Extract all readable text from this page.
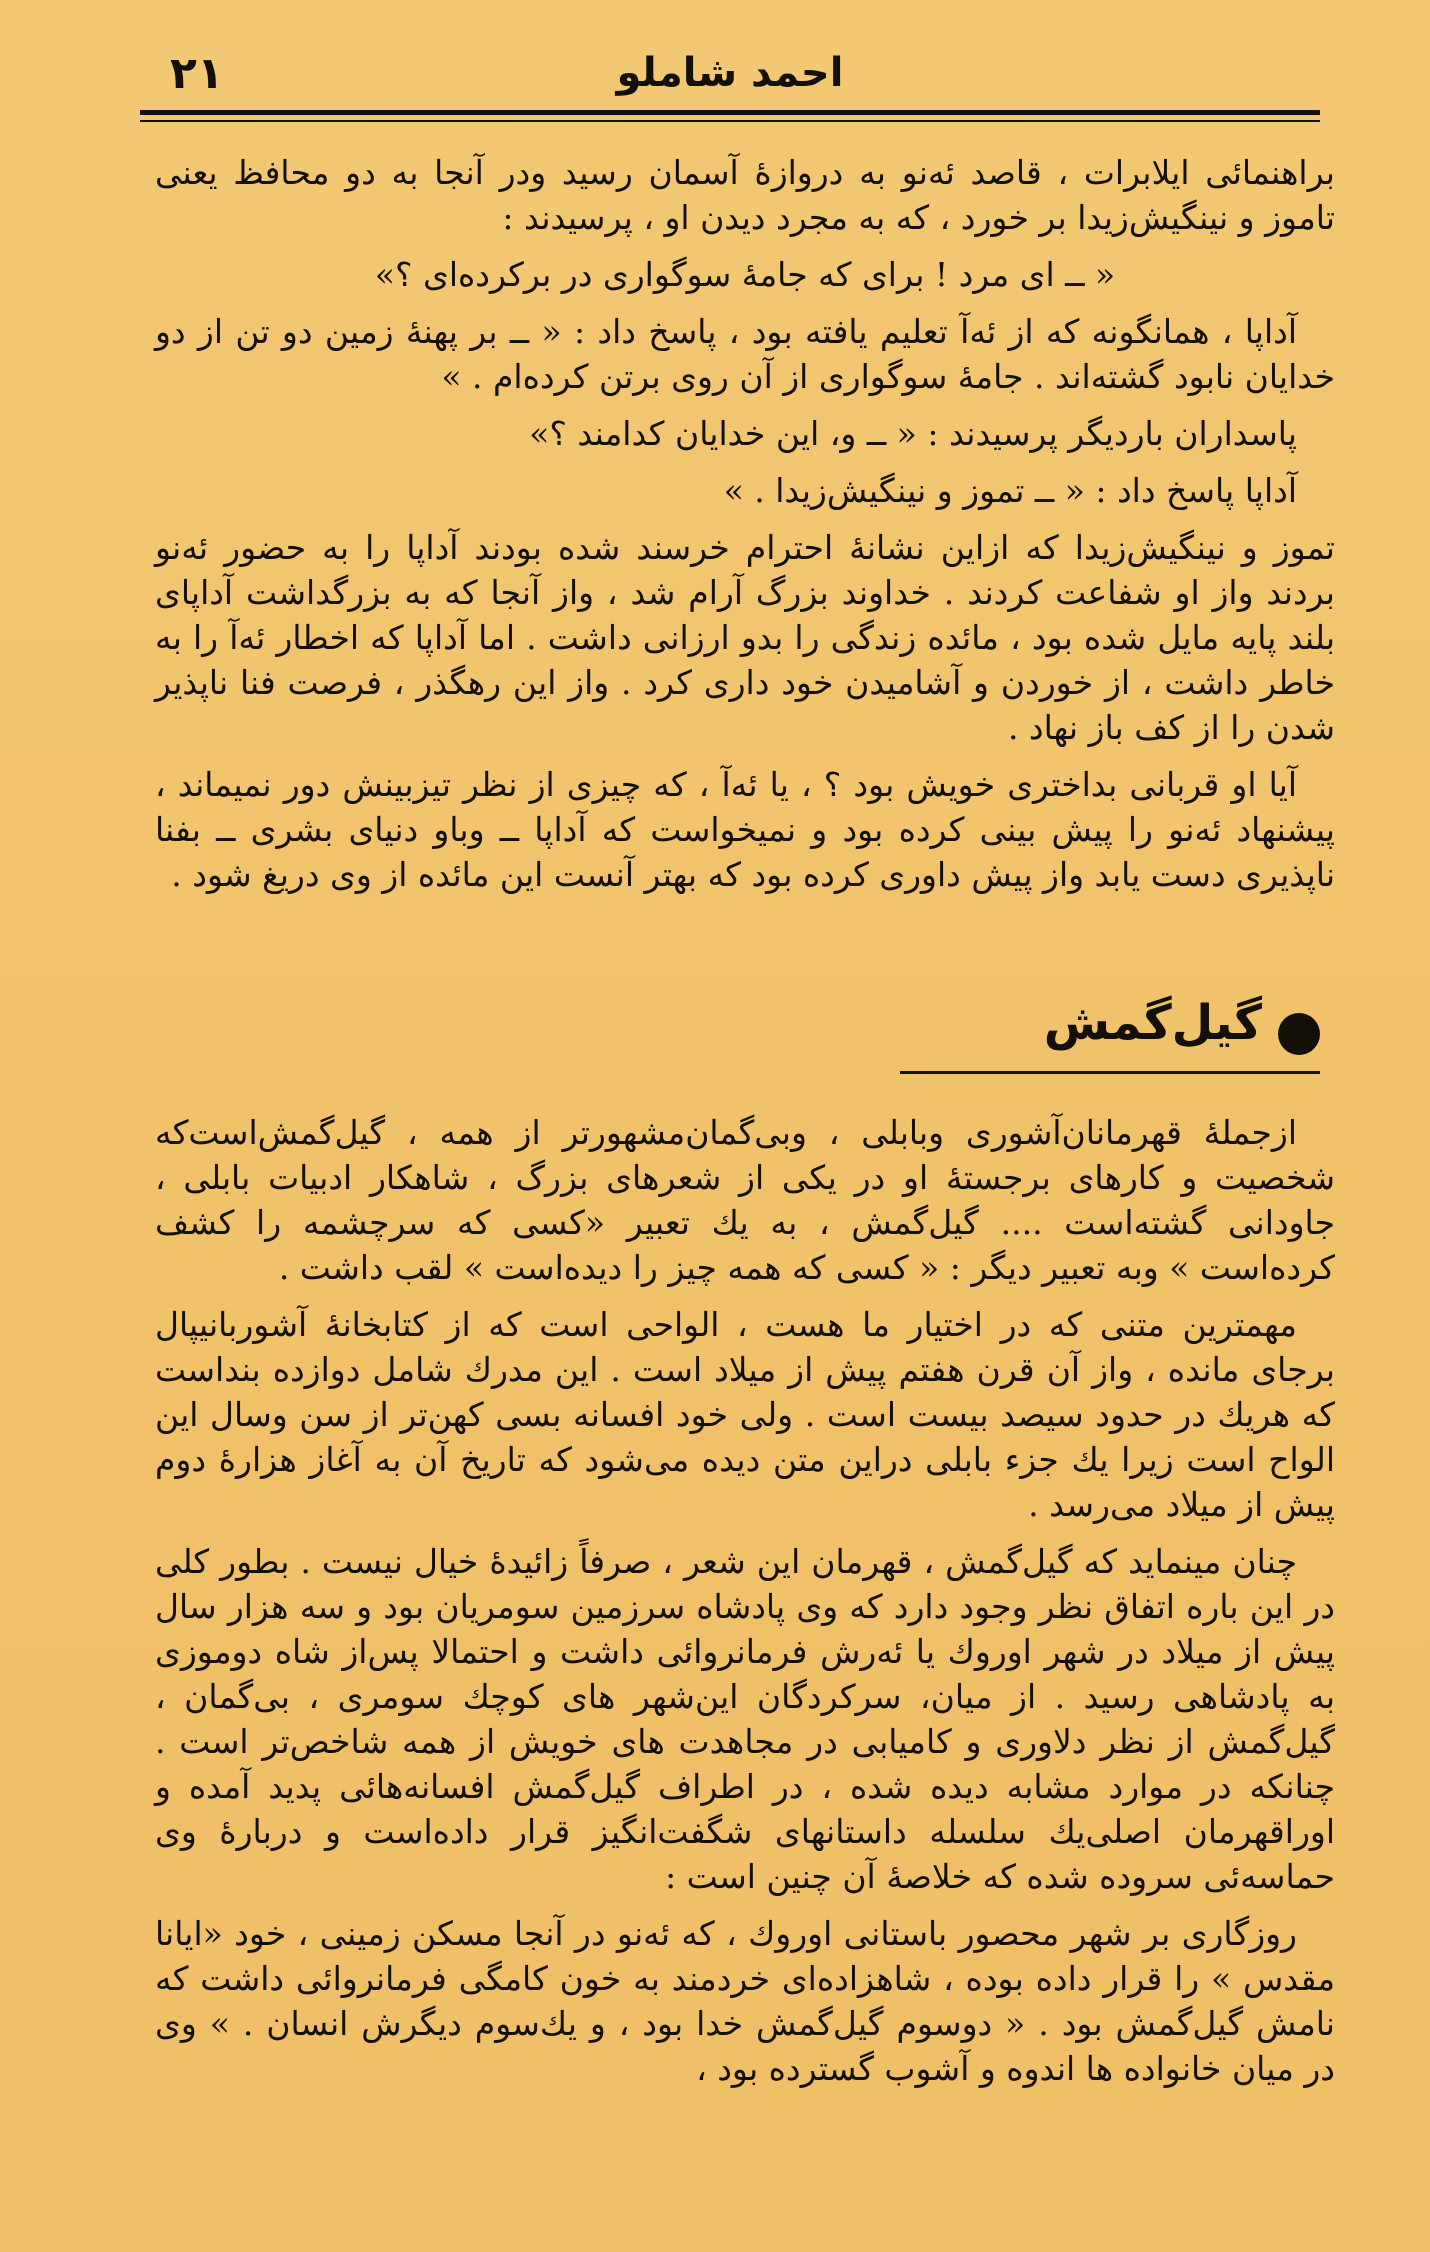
۲۱	احمد شاملو

براهنمائی ایلابرات ، قاصد ئەنو به دروازهٔ آسمان رسید ودر آنجا به دو محافظ یعنی تاموز و نینگیش‌زیدا بر خورد ، که به مجرد دیدن او ، پرسیدند :

« ــ ای مرد ! برای که جامهٔ سوگواری در برکرده‌ای ؟»

آداپا ، همانگونه که از ئەآ تعلیم یافته بود ، پاسخ داد : « ــ بر پهنهٔ زمین دو تن از دو خدایان نابود گشته‌اند . جامهٔ سوگواری از آن روی برتن کرده‌ام . »

پاسداران باردیگر پرسیدند : « ــ و، این خدایان کدامند ؟»

آداپا پاسخ داد : « ــ تموز و نینگیش‌زیدا . »

تموز و نینگیش‌زیدا که ازاین نشانهٔ احترام خرسند شده بودند آداپا را به حضور ئەنو بردند واز او شفاعت کردند . خداوند بزرگ آرام شد ، واز آنجا که به بزرگداشت آداپای بلند پایه مایل شده بود ، مائده زندگی را بدو ارزانی داشت . اما آداپا که اخطار ئەآ را به خاطر داشت ، از خوردن و آشامیدن خود داری کرد . واز این رهگذر ، فرصت فنا ناپذیر شدن را از کف باز نهاد .

آیا او قربانی بداختری خویش بود ؟ ، یا ئەآ ، که چیزی از نظر تیزبینش دور نمیماند ، پیشنهاد ئەنو را پیش بینی کرده بود و نمیخواست که آداپا ــ وباو دنیای بشری ــ بفنا ناپذیری دست یابد واز پیش داوری کرده بود که بهتر آنست این مائده از وی دریغ شود .

گیل‌گمش

ازجملهٔ قهرمانان‌آشوری وبابلی ، وبی‌گمان‌مشهورتر از همه ، گیل‌گمش‌است‌که شخصیت و کارهای برجستهٔ او در یکی از شعرهای بزرگ ، شاهکار ادبیات بابلی ، جاودانی گشته‌است .... گیل‌گمش ، به یك تعبیر «کسی که سرچشمه را کشف کرده‌است » وبه تعبیر دیگر : « کسی که همه چیز را دیده‌است » لقب داشت .

مهمترین متنی که در اختیار ما هست ، الواحی است که از کتابخانهٔ آشوربانیپال برجای مانده ، واز آن قرن هفتم پیش از میلاد است . این مدرك شامل دوازده بنداست که هریك در حدود سیصد بیست است . ولی خود افسانه بسی کهن‌تر از سن وسال این الواح است زیرا یك جزء بابلی دراین متن دیده می‌شود که تاریخ آن به آغاز هزارهٔ دوم پیش از میلاد می‌رسد .

چنان مینماید که گیل‌گمش ، قهرمان این شعر ، صرفاً زائیدهٔ خیال نیست . بطور کلی در این باره اتفاق نظر وجود دارد که وی پادشاه سرزمین سومریان بود و سه هزار سال پیش از میلاد در شهر اوروك یا ئەرش فرمانروائی داشت و احتمالا پس‌از شاه دوموزی به پادشاهی رسید . از میان، سرکردگان این‌شهر های کوچك سومری ، بی‌گمان ، گیل‌گمش از نظر دلاوری و کامیابی در مجاهدت های خویش از همه شاخص‌تر است . چنانکه در موارد مشابه دیده شده ، در اطراف گیل‌گمش افسانه‌هائی پدید آمده و اوراقهرمان اصلی‌یك سلسله داستانهای شگفت‌انگیز قرار داده‌است و دربارهٔ وی حماسه‌ئی سروده شده که خلاصهٔ آن چنین است :

روزگاری بر شهر محصور باستانی اوروك ، که ئەنو در آنجا مسکن زمینی ، خود «ایانا مقدس » را قرار داده بوده ، شاهزاده‌ای خردمند به خون کامگی فرمانروائی داشت که نامش گیل‌گمش بود . « دوسوم گیل‌گمش خدا بود ، و یك‌سوم دیگرش انسان . » وی در میان خانواده ها اندوه و آشوب گسترده بود ،
